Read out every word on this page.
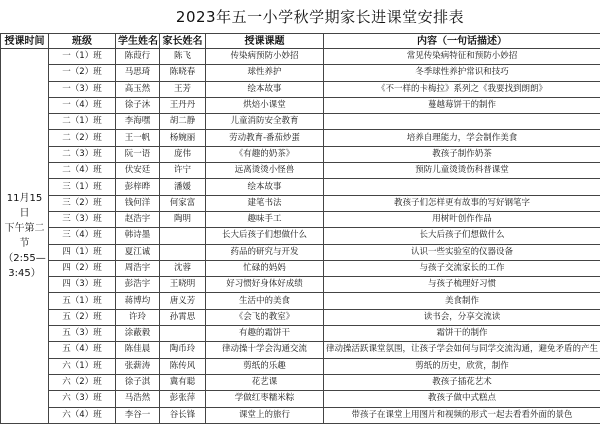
2023年五一小学秋学期家长进课堂安排表
授课时间	班级	学生姓名	家长姓名	授课课题	内容（一句话描述）

11月15日
下午第二
节
（2:55—
3:45）	一（1）班	陈葭行	陈飞	传染病预防小妙招	常见传染病特征和预防小妙招
	一（2）班	马思琦	陈晓春	球性养护	冬季球性养护常识和技巧
	一（3）班	高玉然	王芳	绘本故事	《不一样的卡梅拉》系列之《我要找到朗朗》
	一（4）班	徐子沐	王丹丹	烘焙小课堂	蔓越莓饼干的制作
	二（1）班	李海嘿	胡二静	儿童消防安全教育	
	二（2）班	王一帆	杨婉丽	劳动教育-番茄炒蛋	培养自理能力，学会制作美食
	二（3）班	阮一语	庞伟	《有趣的奶茶》	教孩子制作奶茶
	二（4）班	伏安廷	许宁	远离烫烫小怪兽	预防儿童烫烫伤科普课堂
	三（1）班	彭梓晔	潘媛	绘本故事	
	三（2）班	钱何洋	何家富	建笔书法	教孩子们怎样更有故事的写好钢笔字
	三（3）班	赵浩宇	陶明	趣味手工	用树叶创作作品
	三（4）班	韩诗墨		长大后孩子们想做什么	长大后孩子们想做什么
	四（1）班	夏江诚		药品的研究与开发	认识一些实验室的仪器设备
	四（2）班	周浩宇	沈蓉	忙碌的妈妈	与孩子交流家长的工作
	四（3）班	彭浩宇	王晓明	好习惯好身体好成绩	与孩子梳理好习惯
	五（1）班	蒋博均	唐义芳	生活中的美食	美食制作
	五（2）班	许玲	孙霄思	《会飞的教室》	读书会，分享交流读
	五（3）班	涂蔽毅		有趣的霜饼干	霜饼干的制作
	五（4）班	陈佳晨	陶币玲	律动操十学会沟通交流	律动操活跃课堂氛围，让孩子学会如何与同学交流沟通，避免矛盾的产生
	六（1）班	张薪涛	陈传风	剪纸的乐趣	剪纸的历史，欣赏，制作
	六（2）班	徐子淇	冀有聪	花艺课	教孩子插花艺术
	六（3）班	马浩然	彭张萍	学做红枣糯米粽	教孩子做中式糕点
	六（4）班	李谷一	谷长锋	课堂上的旅行	带孩子在课堂上用图片和视频的形式一起去看看外面的景色
